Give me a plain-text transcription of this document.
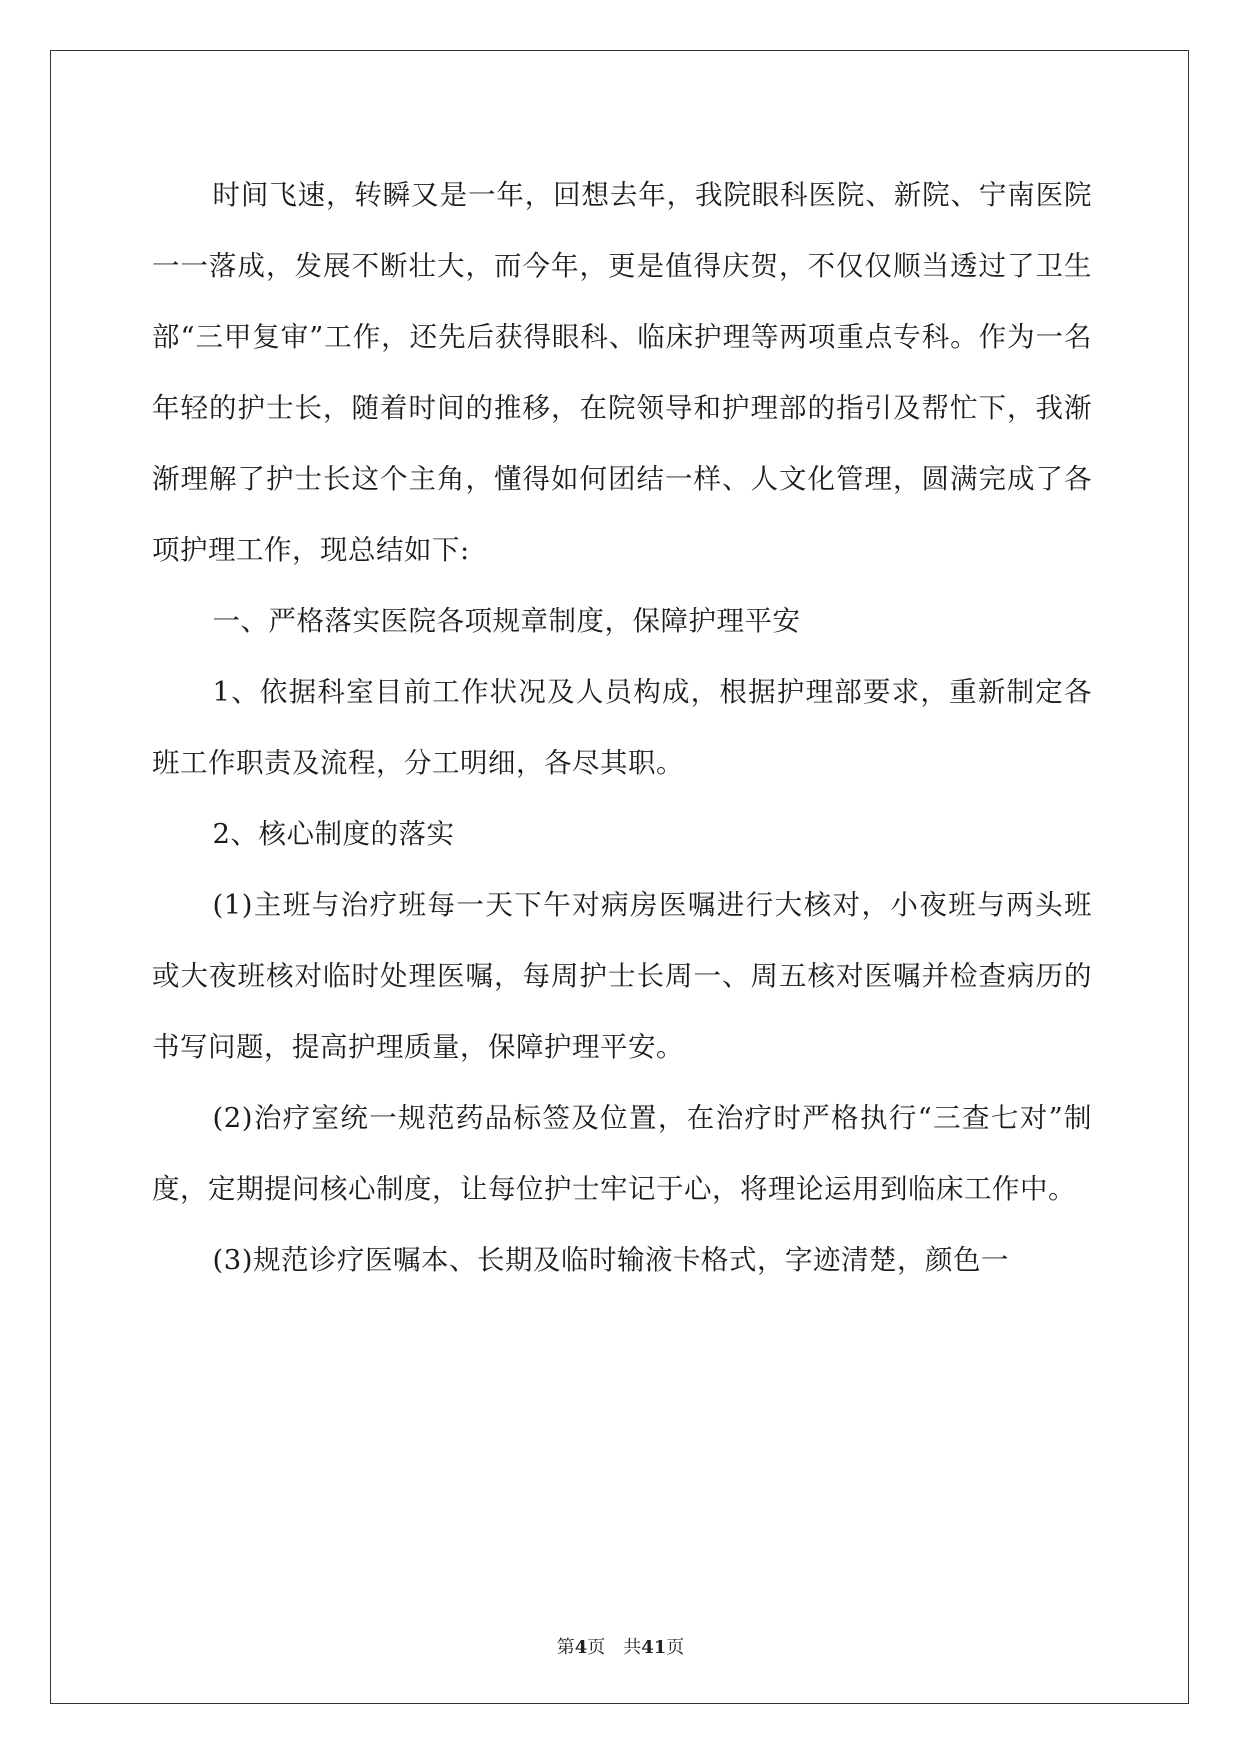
时间飞速，转瞬又是一年，回想去年，我院眼科医院、新院、宁南医院一一落成，发展不断壮大，而今年，更是值得庆贺，不仅仅顺当透过了卫生部“三甲复审”工作，还先后获得眼科、临床护理等两项重点专科。作为一名年轻的护士长，随着时间的推移，在院领导和护理部的指引及帮忙下，我渐渐理解了护士长这个主角，懂得如何团结一样、人文化管理，圆满完成了各项护理工作，现总结如下:

一、严格落实医院各项规章制度，保障护理平安

1、依据科室目前工作状况及人员构成，根据护理部要求，重新制定各班工作职责及流程，分工明细，各尽其职。

2、核心制度的落实

(1)主班与治疗班每一天下午对病房医嘱进行大核对，小夜班与两头班或大夜班核对临时处理医嘱，每周护士长周一、周五核对医嘱并检查病历的书写问题，提高护理质量，保障护理平安。

(2)治疗室统一规范药品标签及位置，在治疗时严格执行“三查七对”制度，定期提问核心制度，让每位护士牢记于心，将理论运用到临床工作中。

(3)规范诊疗医嘱本、长期及临时输液卡格式，字迹清楚，颜色一

第4页 共41页
